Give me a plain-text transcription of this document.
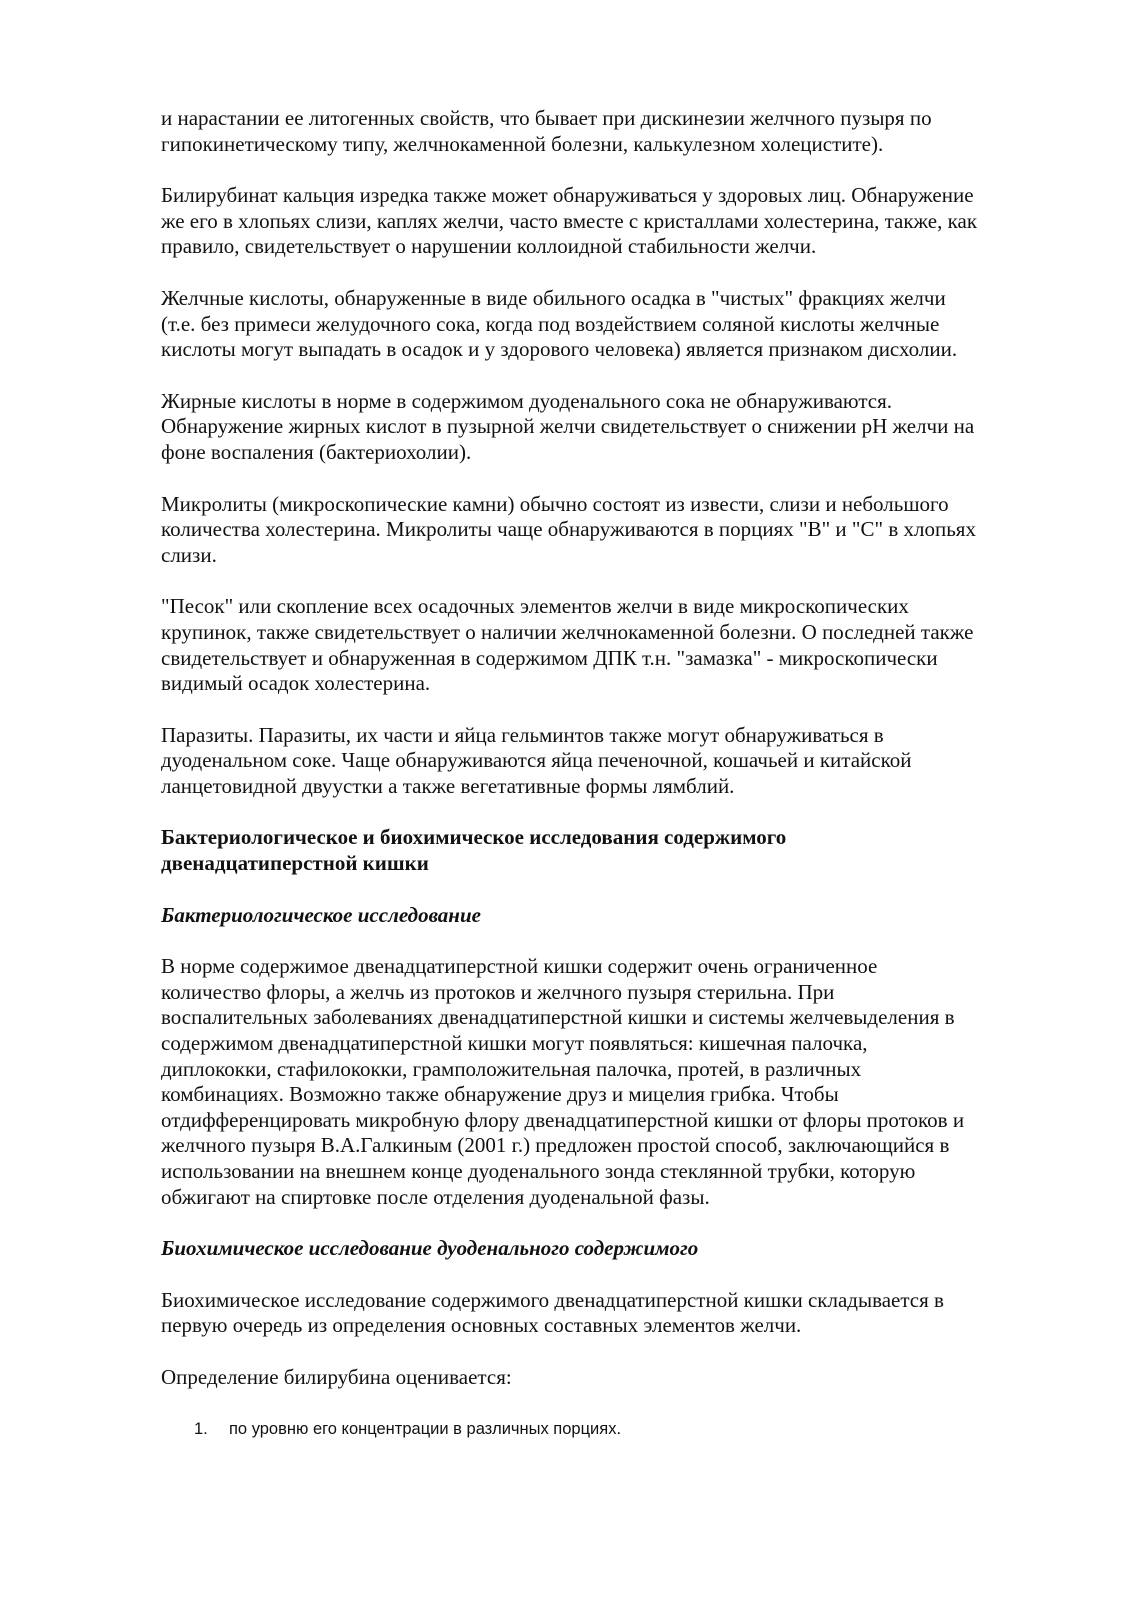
и нарастании ее литогенных свойств, что бывает при дискинезии желчного пузыря по
гипокинетическому типу, желчнокаменной болезни, калькулезном холецистите).

Билирубинат кальция изредка также может обнаруживаться у здоровых лиц. Обнаружение
же его в хлопьях слизи, каплях желчи, часто вместе с кристаллами холестерина, также, как
правило, свидетельствует о нарушении коллоидной стабильности желчи.

Желчные кислоты, обнаруженные в виде обильного осадка в "чистых" фракциях желчи
(т.е. без примеси желудочного сока, когда под воздействием соляной кислоты желчные
кислоты могут выпадать в осадок и у здорового человека) является признаком дисхолии.

Жирные кислоты в норме в содержимом дуоденального сока не обнаруживаются.
Обнаружение жирных кислот в пузырной желчи свидетельствует о снижении pH желчи на
фоне воспаления (бактериохолии).

Микролиты (микроскопические камни) обычно состоят из извести, слизи и небольшого
количества холестерина. Микролиты чаще обнаруживаются в порциях "В" и "С" в хлопьях
слизи.

"Песок" или скопление всех осадочных элементов желчи в виде микроскопических
крупинок, также свидетельствует о наличии желчнокаменной болезни. О последней также
свидетельствует и обнаруженная в содержимом ДПК т.н. "замазка" - микроскопически
видимый осадок холестерина.

Паразиты. Паразиты, их части и яйца гельминтов также могут обнаруживаться в
дуоденальном соке. Чаще обнаруживаются яйца печеночной, кошачьей и китайской
ланцетовидной двуустки а также вегетативные формы лямблий.

Бактериологическое и биохимическое исследования содержимого
двенадцатиперстной кишки
Бактериологическое исследование

В норме содержимое двенадцатиперстной кишки содержит очень ограниченное
количество флоры, а желчь из протоков и желчного пузыря стерильна. При
воспалительных заболеваниях двенадцатиперстной кишки и системы желчевыделения в
содержимом двенадцатиперстной кишки могут появляться: кишечная палочка,
диплококки, стафилококки, грамположительная палочка, протей, в различных
комбинациях. Возможно также обнаружение друз и мицелия грибка. Чтобы
отдифференцировать микробную флору двенадцатиперстной кишки от флоры протоков и
желчного пузыря В.А.Галкиным (2001 г.) предложен простой способ, заключающийся в
использовании на внешнем конце дуоденального зонда стеклянной трубки, которую
обжигают на спиртовке после отделения дуоденальной фазы.

Биохимическое исследование дуоденального содержимого

Биохимическое исследование содержимого двенадцатиперстной кишки складывается в
первую очередь из определения основных составных элементов желчи.

Определение билирубина оценивается:

1. по уровню его концентрации в различных порциях.
